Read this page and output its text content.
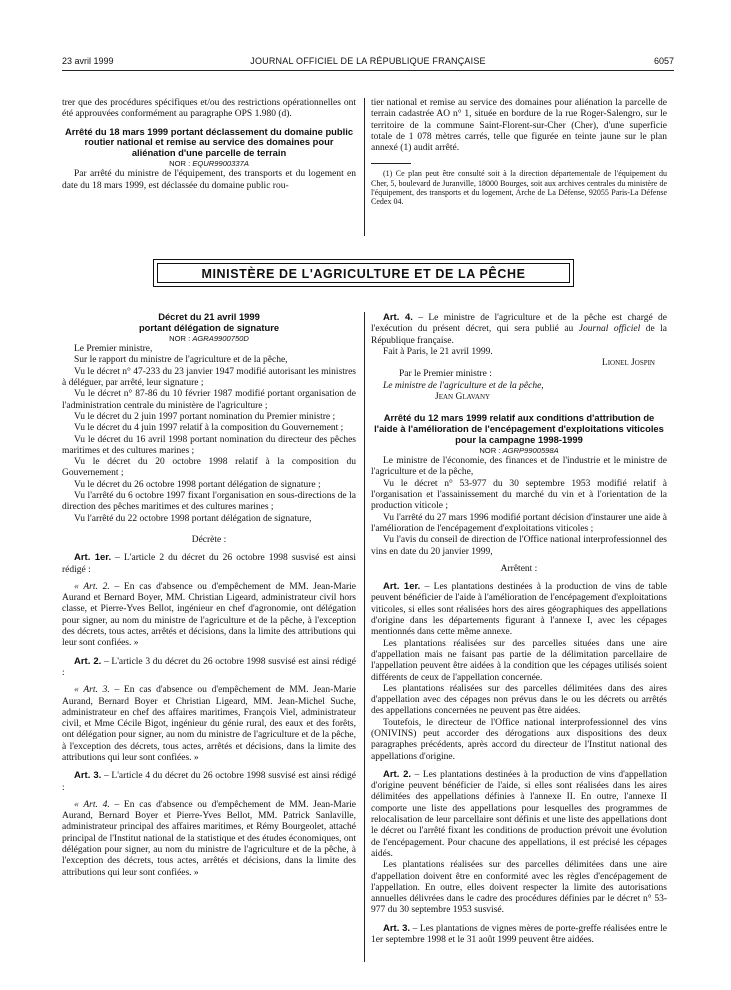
23 avril 1999	JOURNAL OFFICIEL DE LA RÉPUBLIQUE FRANÇAISE	6057

trer que des procédures spécifiques et/ou des restrictions opérationnelles ont été approuvées conformément au paragraphe OPS 1.980 (d).

Arrêté du 18 mars 1999 portant déclassement du domaine public routier national et remise au service des domaines pour aliénation d'une parcelle de terrain

NOR : EQUR9900337A

Par arrêté du ministre de l'équipement, des transports et du logement en date du 18 mars 1999, est déclassée du domaine public rou-

tier national et remise au service des domaines pour aliénation la parcelle de terrain cadastrée AO n° 1, située en bordure de la rue Roger-Salengro, sur le territoire de la commune Saint-Florent-sur-Cher (Cher), d'une superficie totale de 1 078 mètres carrés, telle que figurée en teinte jaune sur le plan annexé (1) audit arrêté.

(1) Ce plan peut être consulté soit à la direction départementale de l'équipement du Cher, 5, boulevard de Juranville, 18000 Bourges, soit aux archives centrales du ministère de l'équipement, des transports et du logement, Arche de La Défense, 92055 Paris-La Défense Cedex 04.

MINISTÈRE DE L'AGRICULTURE ET DE LA PÊCHE

Décret du 21 avril 1999

portant délégation de signature

NOR : AGRA9900750D

Le Premier ministre,

Sur le rapport du ministre de l'agriculture et de la pêche,

Vu le décret n° 47-233 du 23 janvier 1947 modifié autorisant les ministres à déléguer, par arrêté, leur signature ;

Vu le décret n° 87-86 du 10 février 1987 modifié portant organisation de l'administration centrale du ministère de l'agriculture ;

Vu le décret du 2 juin 1997 portant nomination du Premier ministre ;

Vu le décret du 4 juin 1997 relatif à la composition du Gouvernement ;

Vu le décret du 16 avril 1998 portant nomination du directeur des pêches maritimes et des cultures marines ;

Vu le décret du 20 octobre 1998 relatif à la composition du Gouvernement ;

Vu le décret du 26 octobre 1998 portant délégation de signature ;

Vu l'arrêté du 6 octobre 1997 fixant l'organisation en sous-directions de la direction des pêches maritimes et des cultures marines ;

Vu l'arrêté du 22 octobre 1998 portant délégation de signature,

Décrète :

Art. 1er. – L'article 2 du décret du 26 octobre 1998 susvisé est ainsi rédigé :

« Art. 2. – En cas d'absence ou d'empêchement de MM. Jean-Marie Aurand et Bernard Boyer, MM. Christian Ligeard, administrateur civil hors classe, et Pierre-Yves Bellot, ingénieur en chef d'agronomie, ont délégation pour signer, au nom du ministre de l'agriculture et de la pêche, à l'exception des décrets, tous actes, arrêtés et décisions, dans la limite des attributions qui leur sont confiées. »

Art. 2. – L'article 3 du décret du 26 octobre 1998 susvisé est ainsi rédigé :

« Art. 3. – En cas d'absence ou d'empêchement de MM. Jean-Marie Aurand, Bernard Boyer et Christian Ligeard, MM. Jean-Michel Suche, administrateur en chef des affaires maritimes, François Viel, administrateur civil, et Mme Cécile Bigot, ingénieur du génie rural, des eaux et des forêts, ont délégation pour signer, au nom du ministre de l'agriculture et de la pêche, à l'exception des décrets, tous actes, arrêtés et décisions, dans la limite des attributions qui leur sont confiées. »

Art. 3. – L'article 4 du décret du 26 octobre 1998 susvisé est ainsi rédigé :

« Art. 4. – En cas d'absence ou d'empêchement de MM. Jean-Marie Aurand, Bernard Boyer et Pierre-Yves Bellot, MM. Patrick Sanlaville, administrateur principal des affaires maritimes, et Rémy Bourgeolet, attaché principal de l'Institut national de la statistique et des études économiques, ont délégation pour signer, au nom du ministre de l'agriculture et de la pêche, à l'exception des décrets, tous actes, arrêtés et décisions, dans la limite des attributions qui leur sont confiées. »

Art. 4. – Le ministre de l'agriculture et de la pêche est chargé de l'exécution du présent décret, qui sera publié au Journal officiel de la République française.

Fait à Paris, le 21 avril 1999.

Lionel Jospin

Par le Premier ministre :

Le ministre de l'agriculture et de la pêche,

Jean Glavany

Arrêté du 12 mars 1999 relatif aux conditions d'attribution de l'aide à l'amélioration de l'encépagement d'exploitations viticoles pour la campagne 1998-1999

NOR : AGRP9900598A

Le ministre de l'économie, des finances et de l'industrie et le ministre de l'agriculture et de la pêche,

Vu le décret n° 53-977 du 30 septembre 1953 modifié relatif à l'organisation et l'assainissement du marché du vin et à l'orientation de la production viticole ;

Vu l'arrêté du 27 mars 1996 modifié portant décision d'instaurer une aide à l'amélioration de l'encépagement d'exploitations viticoles ;

Vu l'avis du conseil de direction de l'Office national interprofessionnel des vins en date du 20 janvier 1999,

Arrêtent :

Art. 1er. – Les plantations destinées à la production de vins de table peuvent bénéficier de l'aide à l'amélioration de l'encépagement d'exploitations viticoles, si elles sont réalisées hors des aires géographiques des appellations d'origine dans les départements figurant à l'annexe I, avec les cépages mentionnés dans cette même annexe.

Les plantations réalisées sur des parcelles situées dans une aire d'appellation mais ne faisant pas partie de la délimitation parcellaire de l'appellation peuvent être aidées à la condition que les cépages utilisés soient différents de ceux de l'appellation concernée.

Les plantations réalisées sur des parcelles délimitées dans des aires d'appellation avec des cépages non prévus dans le ou les décrets ou arrêtés des appellations concernées ne peuvent pas être aidées.

Toutefois, le directeur de l'Office national interprofessionnel des vins (ONIVINS) peut accorder des dérogations aux dispositions des deux paragraphes précédents, après accord du directeur de l'Institut national des appellations d'origine.

Art. 2. – Les plantations destinées à la production de vins d'appellation d'origine peuvent bénéficier de l'aide, si elles sont réalisées dans les aires délimitées des appellations définies à l'annexe II. En outre, l'annexe II comporte une liste des appellations pour lesquelles des programmes de relocalisation de leur parcellaire sont définis et une liste des appellations dont le décret ou l'arrêté fixant les conditions de production prévoit une évolution de l'encépagement. Pour chacune des appellations, il est précisé les cépages aidés.

Les plantations réalisées sur des parcelles délimitées dans une aire d'appellation doivent être en conformité avec les règles d'encépagement de l'appellation. En outre, elles doivent respecter la limite des autorisations annuelles délivrées dans le cadre des procédures définies par le décret n° 53-977 du 30 septembre 1953 susvisé.

Art. 3. – Les plantations de vignes mères de porte-greffe réalisées entre le 1er septembre 1998 et le 31 août 1999 peuvent être aidées.
